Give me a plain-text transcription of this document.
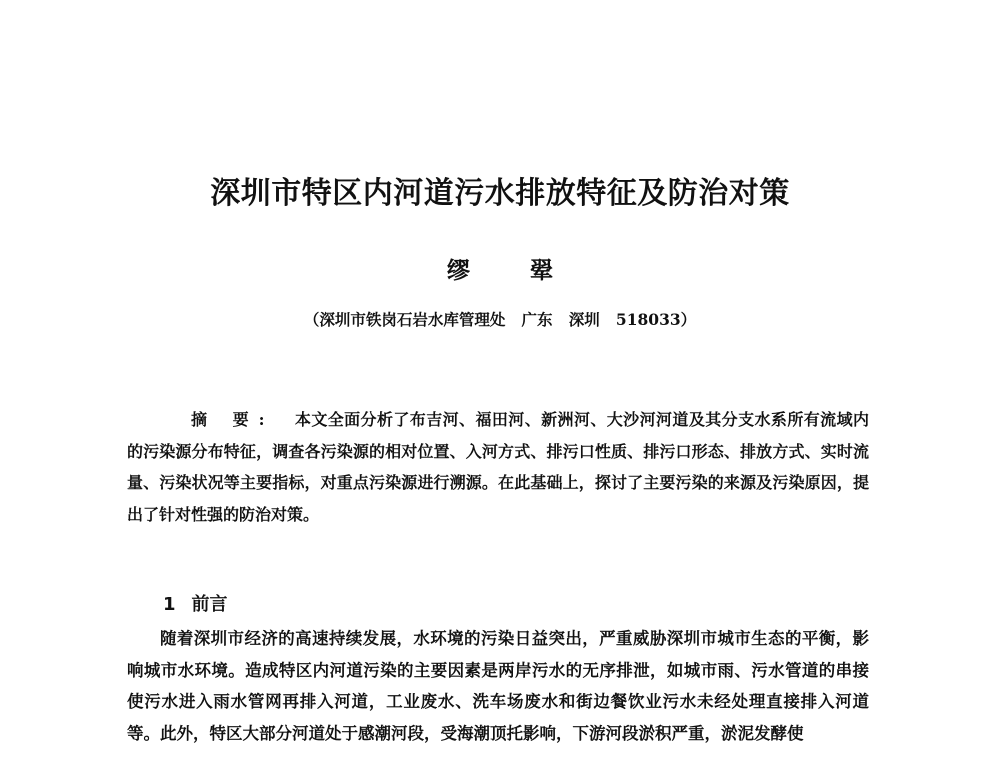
深圳市特区内河道污水排放特征及防治对策
缪 翚
（深圳市铁岗石岩水库管理处   广东   深圳   518033）

摘 要: 本文全面分析了布吉河、福田河、新洲河、大沙河河道及其分支水系所有流域内的污染源分布特征，调查各污染源的相对位置、入河方式、排污口性质、排污口形态、排放方式、实时流量、污染状况等主要指标，对重点污染源进行溯源。在此基础上，探讨了主要污染的来源及污染原因，提出了针对性强的防治对策。

1 前言

随着深圳市经济的高速持续发展，水环境的污染日益突出，严重威胁深圳市城市生态的平衡，影响城市水环境。造成特区内河道污染的主要因素是两岸污水的无序排泄，如城市雨、污水管道的串接使污水进入雨水管网再排入河道，工业废水、洗车场废水和街边餐饮业污水未经处理直接排入河道等。此外，特区大部分河道处于感潮河段，受海潮顶托影响，下游河段淤积严重，淤泥发酵使
